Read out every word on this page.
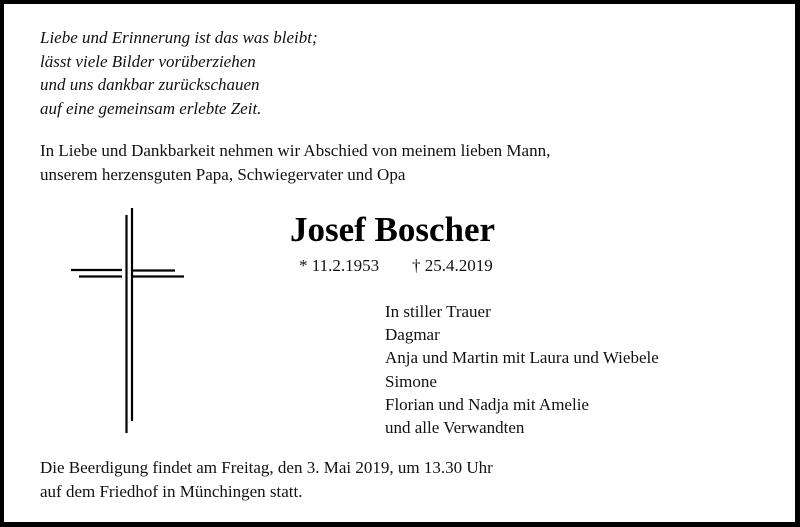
Liebe und Erinnerung ist das was bleibt;
lässt viele Bilder vorüberziehen
und uns dankbar zurückschauen
auf eine gemeinsam erlebte Zeit.
In Liebe und Dankbarkeit nehmen wir Abschied von meinem lieben Mann,
unserem herzensguten Papa, Schwiegervater und Opa
Josef Boscher
* 11.2.1953 † 25.4.2019
In stiller Trauer
Dagmar
Anja und Martin mit Laura und Wiebele
Simone
Florian und Nadja mit Amelie
und alle Verwandten
Die Beerdigung findet am Freitag, den 3. Mai 2019, um 13.30 Uhr
auf dem Friedhof in Münchingen statt.
